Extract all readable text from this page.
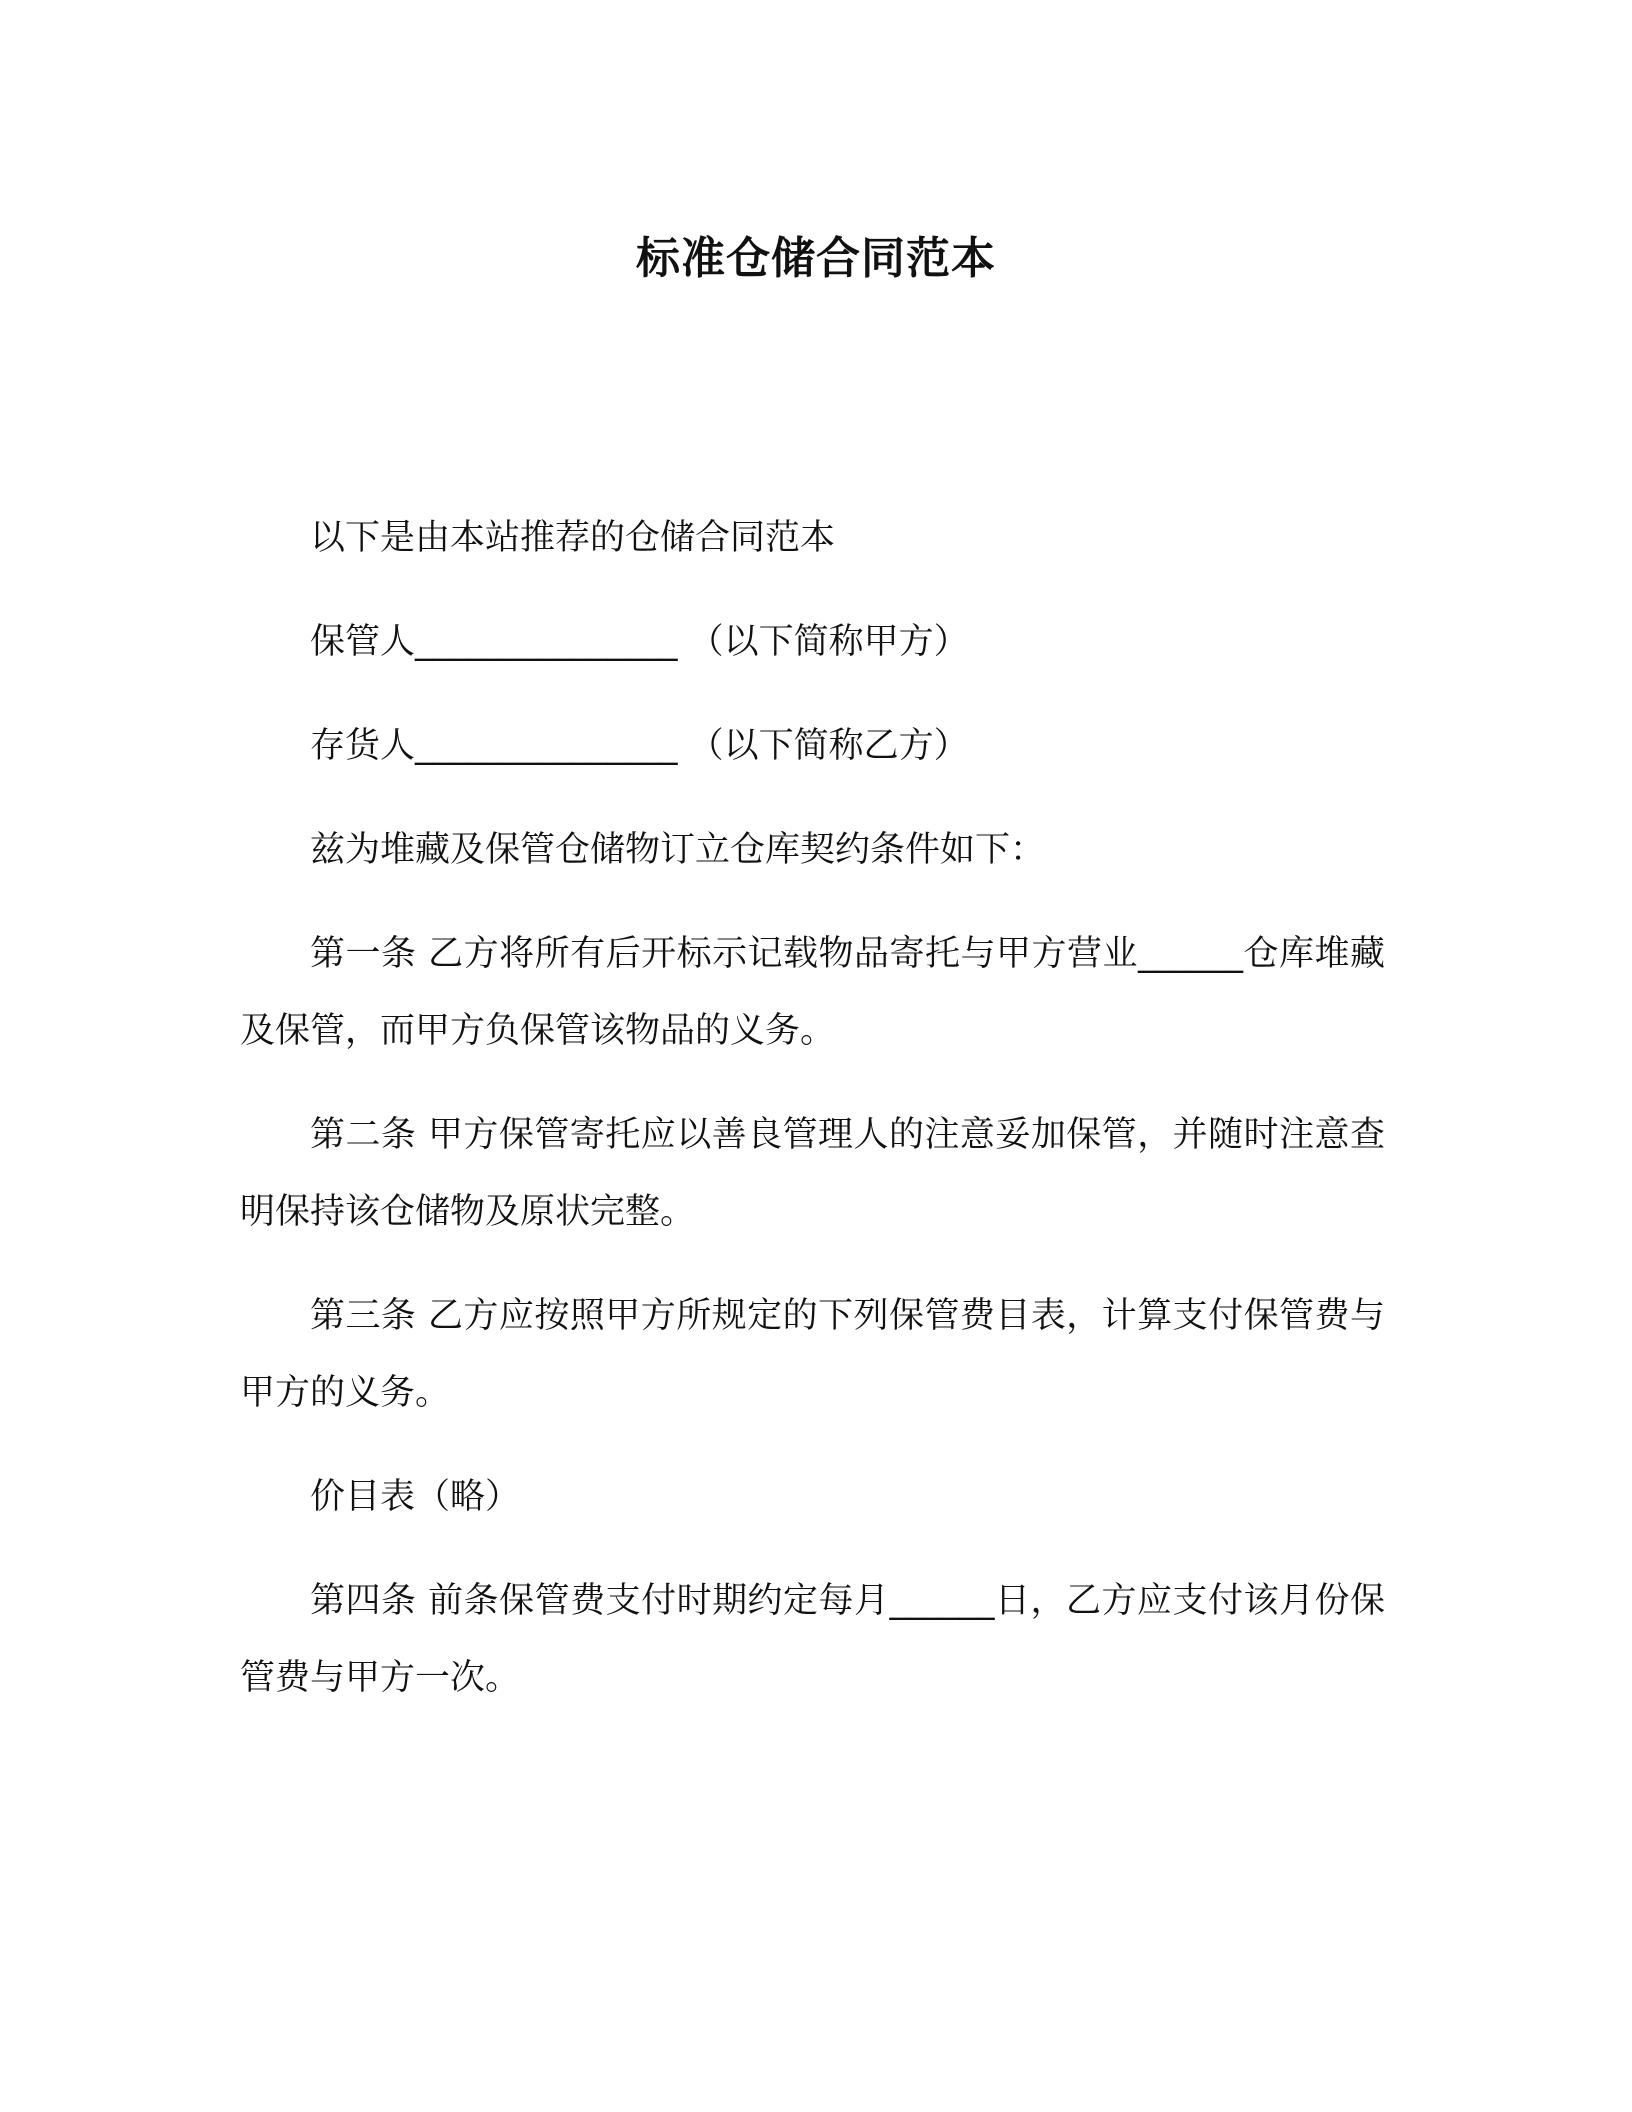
标准仓储合同范本

以下是由本站推荐的仓储合同范本

保管人_______________ （以下简称甲方）

存货人_______________ （以下简称乙方）

兹为堆藏及保管仓储物订立仓库契约条件如下：

第一条 乙方将所有后开标示记载物品寄托与甲方营业______仓库堆藏及保管，而甲方负保管该物品的义务。

第二条 甲方保管寄托应以善良管理人的注意妥加保管，并随时注意查明保持该仓储物及原状完整。

第三条 乙方应按照甲方所规定的下列保管费目表，计算支付保管费与甲方的义务。

价目表（略）

第四条 前条保管费支付时期约定每月______日，乙方应支付该月份保管费与甲方一次。
